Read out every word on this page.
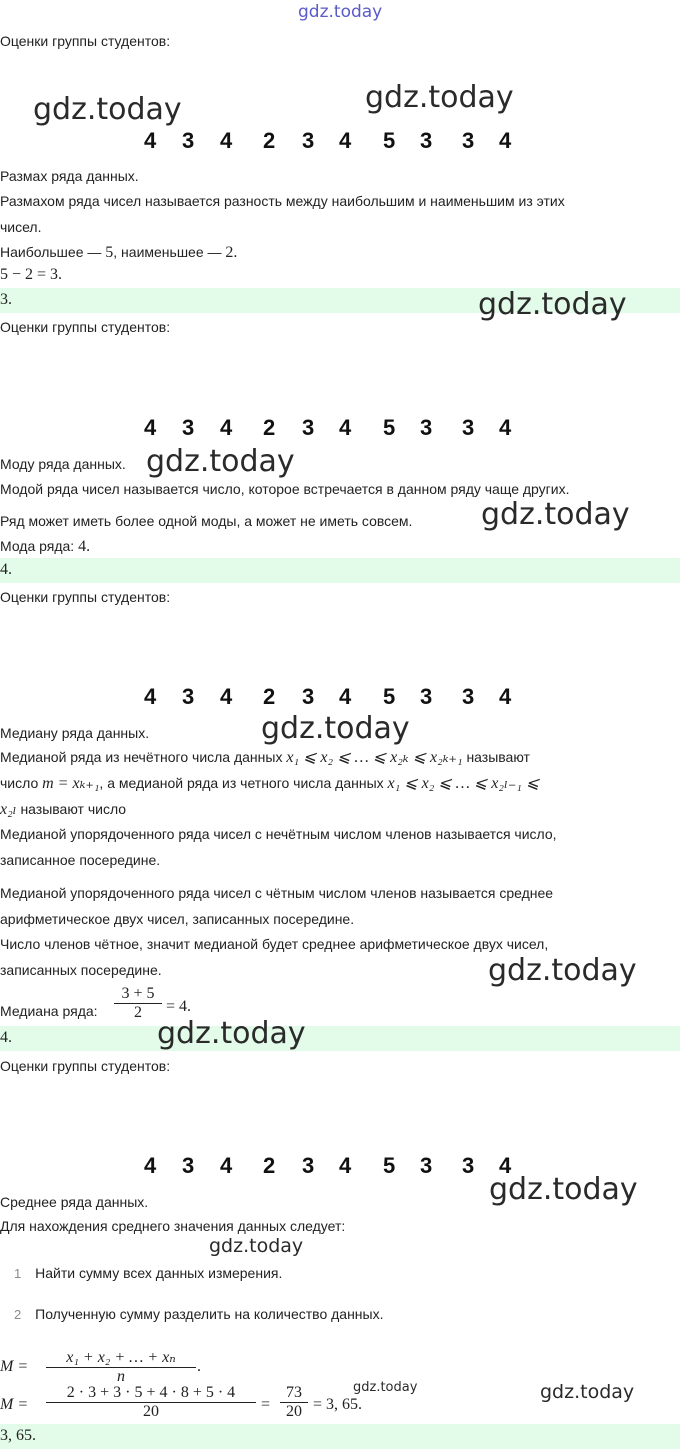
gdz.today
Оценки группы студентов:
gdz.today	gdz.today
4 3 4 2 3 4 5 3 3 4
Размах ряда данных.
Размахом ряда чисел называется разность между наибольшим и наименьшим из этих
чисел.
Наибольшее — 5, наименьшее — 2.
5 − 2 = 3.
3.	gdz.today
Оценки группы студентов:
4 3 4 2 3 4 5 3 3 4
Моду ряда данных. gdz.today
Модой ряда чисел называется число, которое встречается в данном ряду чаще других.
Ряд может иметь более одной моды, а может не иметь совсем. gdz.today
Мода ряда: 4.
4.
Оценки группы студентов:
4 3 4 2 3 4 5 3 3 4
Медиану ряда данных.	gdz.today
Медианой ряда из нечётного числа данных x₁ ⩽ x₂ ⩽ … ⩽ x₂ₖ ⩽ x₂ₖ₊₁ называют
число m = xₖ₊₁, а медианой ряда из четного числа данных x₁ ⩽ x₂ ⩽ … ⩽ x₂ₗ₋₁ ⩽
x₂ₗ называют число
Медианой упорядоченного ряда чисел с нечётным числом членов называется число,
записанное посередине.
Медианой упорядоченного ряда чисел с чётным числом членов называется среднее
арифметическое двух чисел, записанных посередине.
Число членов чётное, значит медианой будет среднее арифметическое двух чисел,
записанных посередине.	gdz.today
Медиана ряда:
3 + 5
2	= 4.
4.	gdz.today
Оценки группы студентов:
4 3 4 2 3 4 5 3 3 4
Среднее ряда данных.	gdz.today
Для нахождения среднего значения данных следует:
gdz.today
1 Найти сумму всех данных измерения.
2 Полученную сумму разделить на количество данных.
M =
x₁ + x₂ + … + xₙ
n
.
M =
2 · 3 + 3 · 5 + 4 · 8 + 5 · 4
20	=
73
20 = 3, 65.
gdz.today	gdz.today
3, 65.
